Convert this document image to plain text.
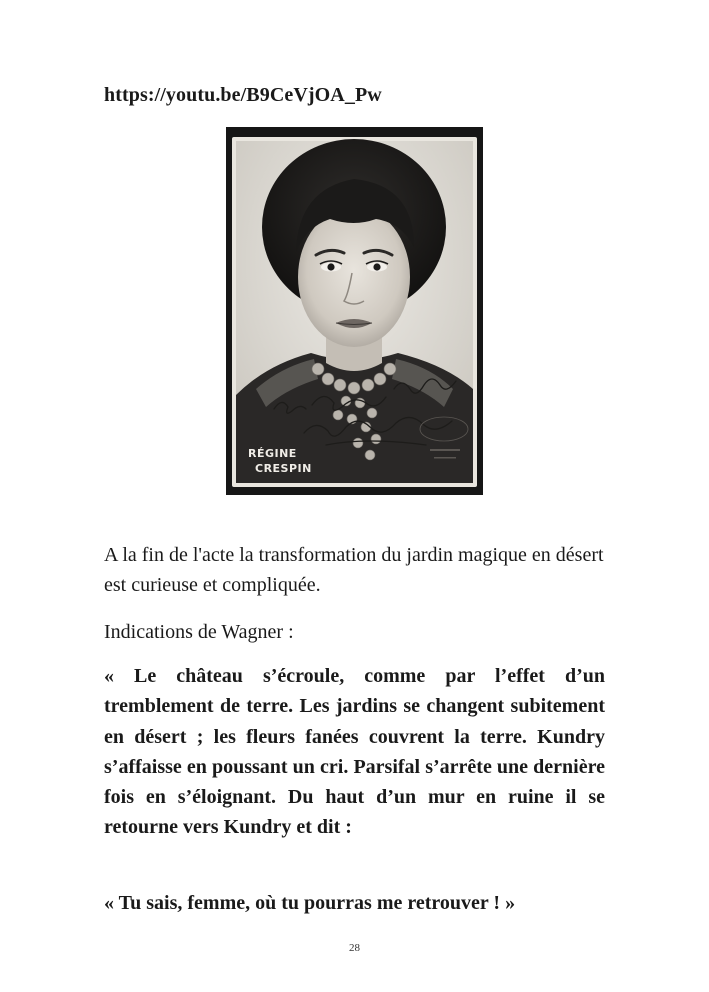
https://youtu.be/B9CeVjOA_Pw
RÉGINE
CRESPIN

A la fin de l'acte la transformation du jardin magique en désert est curieuse et compliquée.

Indications de Wagner :

« Le château s’écroule, comme par l’effet d’un tremblement de terre. Les jardins se changent subitement en désert ; les fleurs fanées couvrent la terre. Kundry s’affaisse en poussant un cri. Parsifal s’arrête une dernière fois en s’éloignant. Du haut d’un mur en ruine il se retourne vers Kundry et dit :

« Tu sais, femme, où tu pourras me retrouver ! »

28
